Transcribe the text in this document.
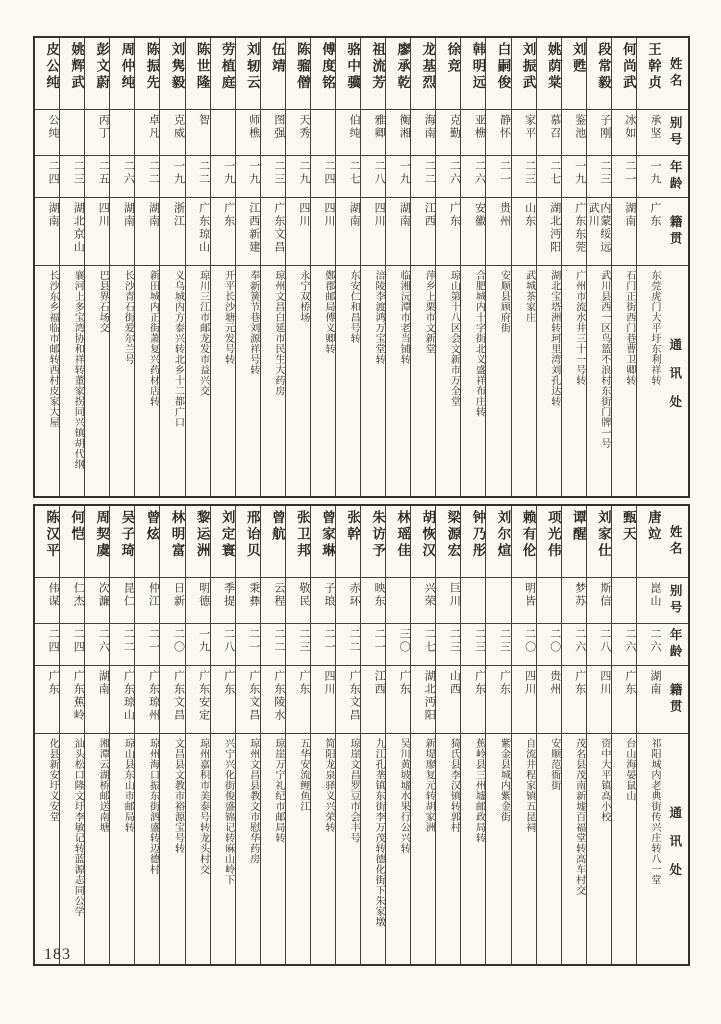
姓名
别号
年龄
籍贯
通讯处
王幹贞
承坚
一九
广东
东莞虎门大平圩东利祥转
何尚武
冰如
二一
湖南
石门正街西门巷曹卫卿转
段常毅
子刚
二三
内蒙绥远武川
武川县西一区鸟篮不浪村东街门牌一号
刘甦
鉴池
一九
广东东莞
广州市流水井三十一号转
姚荫棠
慕召
二七
湖北沔阳
湖北宝塔洲转珂里湾刘孔达转
刘振武
家平
二三
山东
武城茶家庄
白嗣俊
静怀
二一
贵州
安顺县顾府街
韩明远
亚樵
二六
安徽
合肥城内十字街北义盛祥布庄转
徐竞
克勤
二六
广东
琼山第十八区会文新市万全堂
龙基烈
海南
二二
江西
萍乡上栗市文新堂
廖承乾
衡湘
一九
湖南
临湘沅潭市老当铺转
祖流芳
雅卿
二八
四川
涪陵李渡鸿万宝堂转
骆中骥
伯纯
二七
湖南
东安仁和昌号转
傅度铭
二四
四川
鄭郡邮局傅义卿转
陈骝僧
天秀
二九
四川
永宁双桥场
伍靖
图强
二三
广东文昌
琼州文昌白延市民生大药房
刘轫云
师樵
一九
江西新建
奉新簧节巷刘源祥号转
劳植庭
一九
广东
开平长沙塘元发号转
陈世隆
智
二二
广东琼山
琼川三江市邮龙发市益兴交
刘隽毅
克威
一九
浙江
义乌城内方泰兴转北乡十二都广口
陈振先
卓凡
二二
湖南
新田城内正街萧复兴药材店转
周仲纯
二六
湖南
长沙青石街爱尔兰号
彭文蔚
丙丁
二五
四川
巴县界石场交
姚辉武
二三
湖北京山
襄河上多宝湾协和祥转董家拐同兴镇胡代纲
皮公纯
公纯
二四
湖南
长沙东乡福临市邮转西村皮家大屋
姓名
别号
年龄
籍贯
通讯处
唐竝
崑山
二六
湖南
祁阳城内老典街传兴庄转八一堂
甄天
二六
广东
台山海晏鼠山
刘家仕
斯信
二八
四川
资中大平镇高小校
谭醒
梦苏
二六
广东
茂名县茂南新墟百福堂转高车村交
项光伟
二〇
贵州
安顺范衙街
赖有伦
明皆
二〇
四川
自流井程家镇五昆祠
刘尔煊
二三
广东
紫金县城内紫金街
钟乃彤
二三
广东
蕉岭县三州墟邮政局转
梁源宏
巨川
二三
山西
猗氏县李汉镇转郭村
胡恢汉
兴荣
二七
湖北沔阳
新堤廖复元转胡家洲
林瑶佳
三〇
广东
吴川黄坡墟水果行公兴转
朱访予
映东
二一
江西
九江孔垄镇东街李万茂转德化街下朱家墩
张幹
赤环
二二
广东文昌
琼崖文昌罗豆市会丰号
曾家琳
子琅
二一
四川
简阳龙泉驿义兴荣转
张卫邦
敬民
二三
广东
五华安流鲤鱼江
曾航
云程
二二
广东陵水
琼崖万宁礼纪市邮局转
邢诒贝
秉彝
二一
广东文昌
琼州文昌县教文市慰华药房
刘定寰
季提
二八
广东
兴宁兴化街俊盛锦记转麻山岭下
黎运洲
明德
一九
广东安定
琼州嘉积市美泰号转龙头村交
林明富
日新
二〇
广东文昌
文昌县文教市裕源宝号转
曾炫
仲江
二一
广东琼州
琼州海口振东街泗盛转迈德村
吴子琦
昆仁
二二
广东琼山
琼山县东山市邮局转
周契虞
次濂
二六
湖南
湘潭云湖桥邮送南塘
何恺
仁杰
二四
广东蕉岭
汕头松口隆文圩李敏记转蓝源志同公学
陈汉平
伟谋
二四
广东
化县新安圩义安堂
183
